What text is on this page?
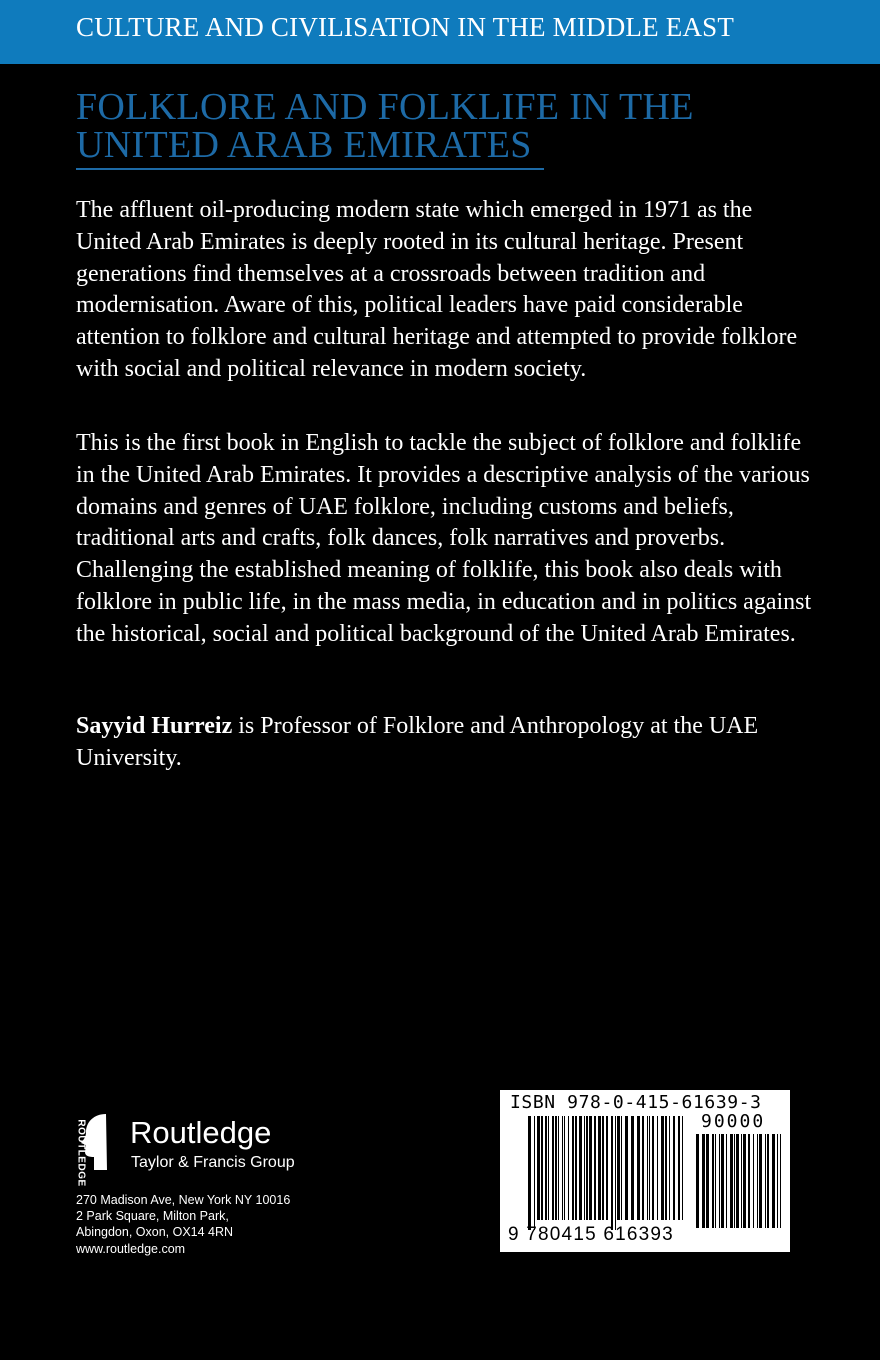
CULTURE AND CIVILISATION IN THE MIDDLE EAST
FOLKLORE AND FOLKLIFE IN THE
UNITED ARAB EMIRATES

The affluent oil-producing modern state which emerged in 1971 as the United Arab Emirates is deeply rooted in its cultural heritage. Present generations find themselves at a crossroads between tradition and modernisation. Aware of this, political leaders have paid considerable attention to folklore and cultural heritage and attempted to provide folklore with social and political relevance in modern society.

This is the first book in English to tackle the subject of folklore and folklife in the United Arab Emirates. It provides a descriptive analysis of the various domains and genres of UAE folklore, including customs and beliefs, traditional arts and crafts, folk dances, folk narratives and proverbs. Challenging the established meaning of folklife, this book also deals with folklore in public life, in the mass media, in education and in politics against the historical, social and political background of the United Arab Emirates.

Sayyid Hurreiz is Professor of Folklore and Anthropology at the UAE University.

ROUTLEDGE Routledge
Taylor & Francis Group
270 Madison Ave, New York NY 10016
2 Park Square, Milton Park,
Abingdon, Oxon, OX14 4RN
www.routledge.com
ISBN 978-0-415-61639-3
90000
9 780415 616393
